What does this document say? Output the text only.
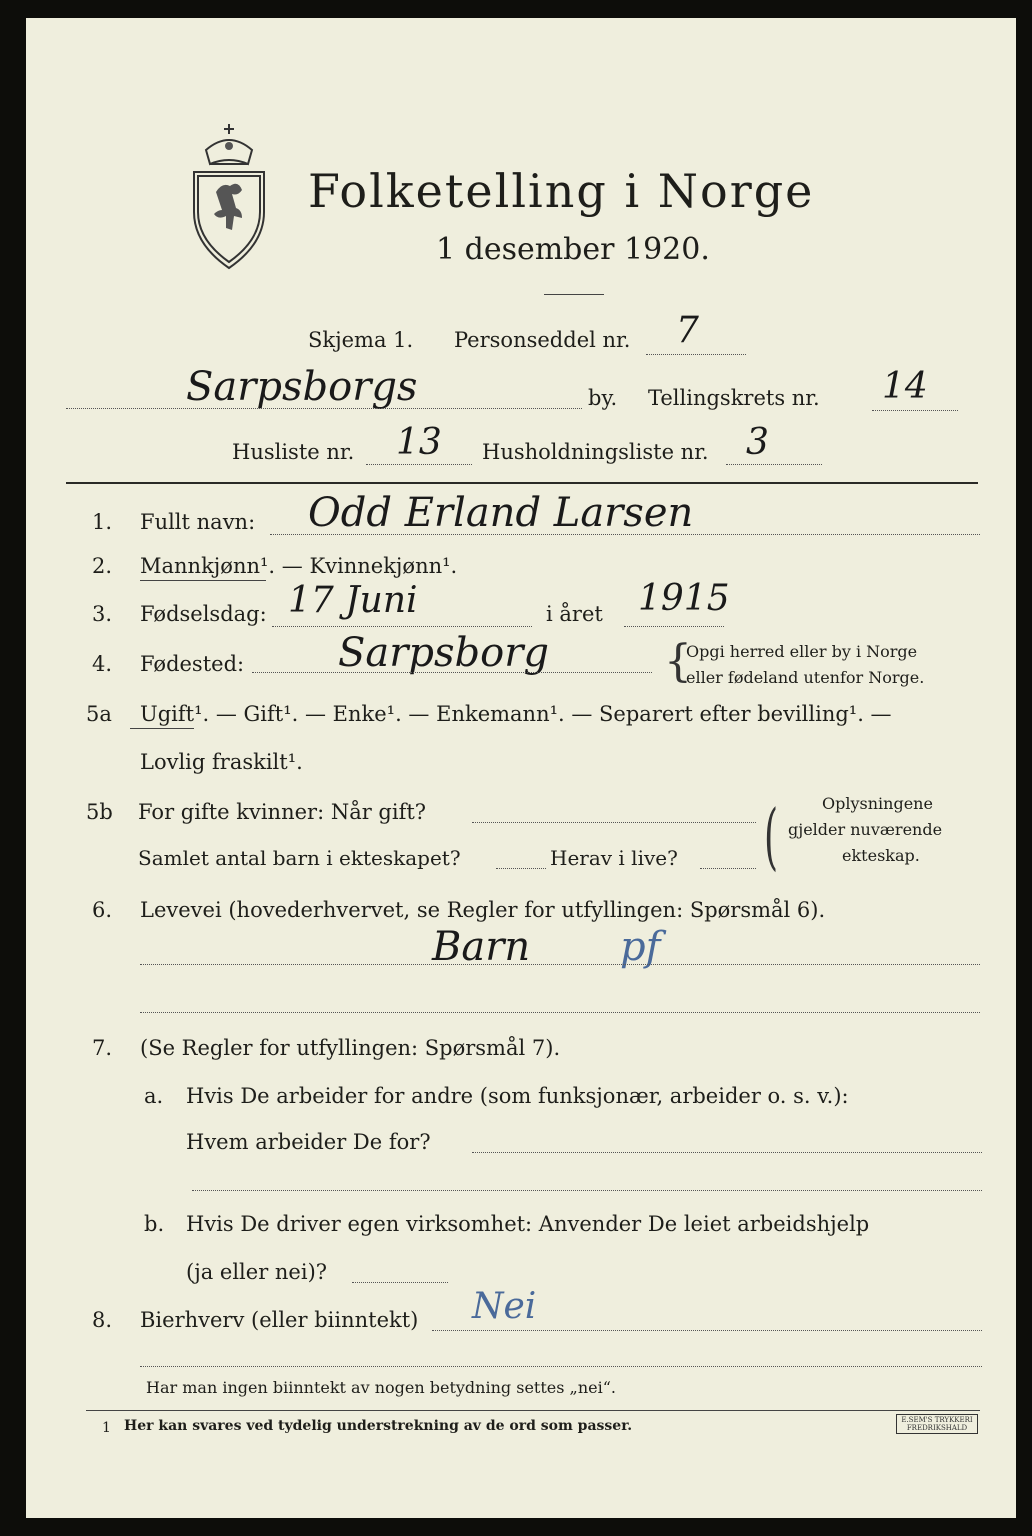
Folketelling i Norge
1 desember 1920.
Skjema 1. Personseddel nr. 7
Sarpsborgs	by. Tellingskrets nr. 14
Husliste nr. 13 Husholdningsliste nr. 3
1. Fullt navn: Odd Erland Larsen
2. Mannkjønn¹. — Kvinnekjønn¹.
3. Fødselsdag: 17 Juni	i året 1915
4. Fødested: Sarpsborg	{
Opgi herred eller by i Norge
eller fødeland utenfor Norge.
5a Ugift¹. — Gift¹. — Enke¹. — Enkemann¹. — Separert efter bevilling¹. —
Lovlig fraskilt¹.
5b For gifte kvinner: Når gift?
Samlet antal barn i ekteskapet?	Herav i live? (	Oplysningene
gjelder nuværende
ekteskap.
6. Levevei (hovederhvervet, se Regler for utfyllingen: Spørsmål 6).
Barn pf
7. (Se Regler for utfyllingen: Spørsmål 7).
a. Hvis De arbeider for andre (som funksjonær, arbeider o. s. v.):
Hvem arbeider De for?
b. Hvis De driver egen virksomhet: Anvender De leiet arbeidshjelp
(ja eller nei)?
8. Bierhverv (eller biinntekt) Nei
Har man ingen biinntekt av nogen betydning settes „nei“.
1 Her kan svares ved tydelig understrekning av de ord som passer.	E.SEM'S TRYKKERI
FREDRIKSHALD
